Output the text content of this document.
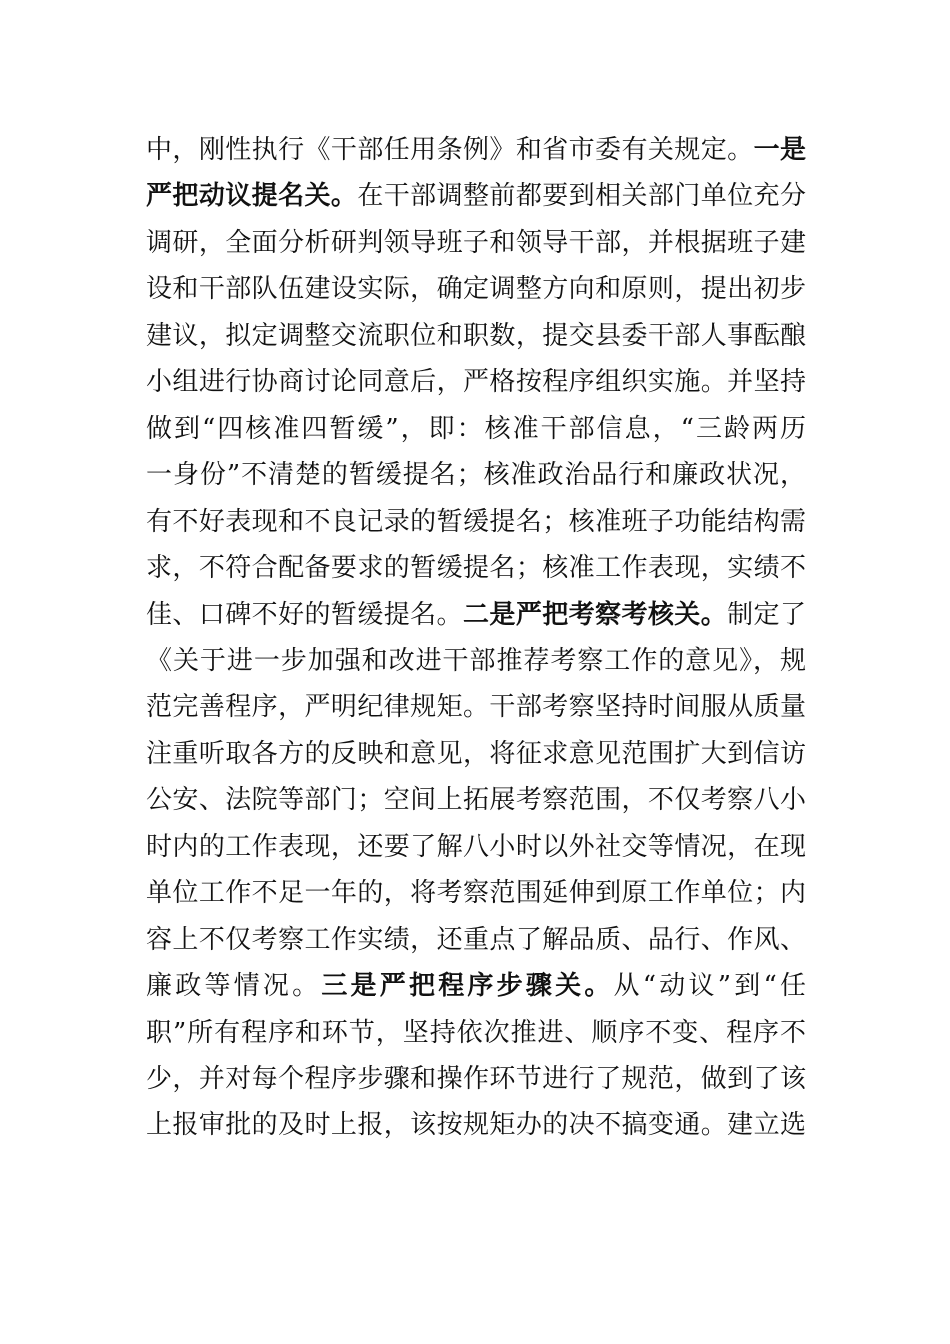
中，刚性执行《干部任用条例》和省市委有关规定。一是
严把动议提名关。在干部调整前都要到相关部门单位充分
调研，全面分析研判领导班子和领导干部，并根据班子建
设和干部队伍建设实际，确定调整方向和原则，提出初步
建议，拟定调整交流职位和职数，提交县委干部人事酝酿
小组进行协商讨论同意后，严格按程序组织实施。并坚持
做到“四核准四暂缓”，即：核准干部信息，“三龄两历
一身份”不清楚的暂缓提名；核准政治品行和廉政状况，
有不好表现和不良记录的暂缓提名；核准班子功能结构需
求，不符合配备要求的暂缓提名；核准工作表现，实绩不
佳、口碑不好的暂缓提名。二是严把考察考核关。制定了
《关于进一步加强和改进干部推荐考察工作的意见》，规
范完善程序，严明纪律规矩。干部考察坚持时间服从质量
注重听取各方的反映和意见，将征求意见范围扩大到信访
公安、法院等部门；空间上拓展考察范围，不仅考察八小
时内的工作表现，还要了解八小时以外社交等情况，在现
单位工作不足一年的，将考察范围延伸到原工作单位；内
容上不仅考察工作实绩，还重点了解品质、品行、作风、
廉政等情况。三是严把程序步骤关。从“动议”到“任
职”所有程序和环节，坚持依次推进、顺序不变、程序不
少，并对每个程序步骤和操作环节进行了规范，做到了该
上报审批的及时上报，该按规矩办的决不搞变通。建立选
